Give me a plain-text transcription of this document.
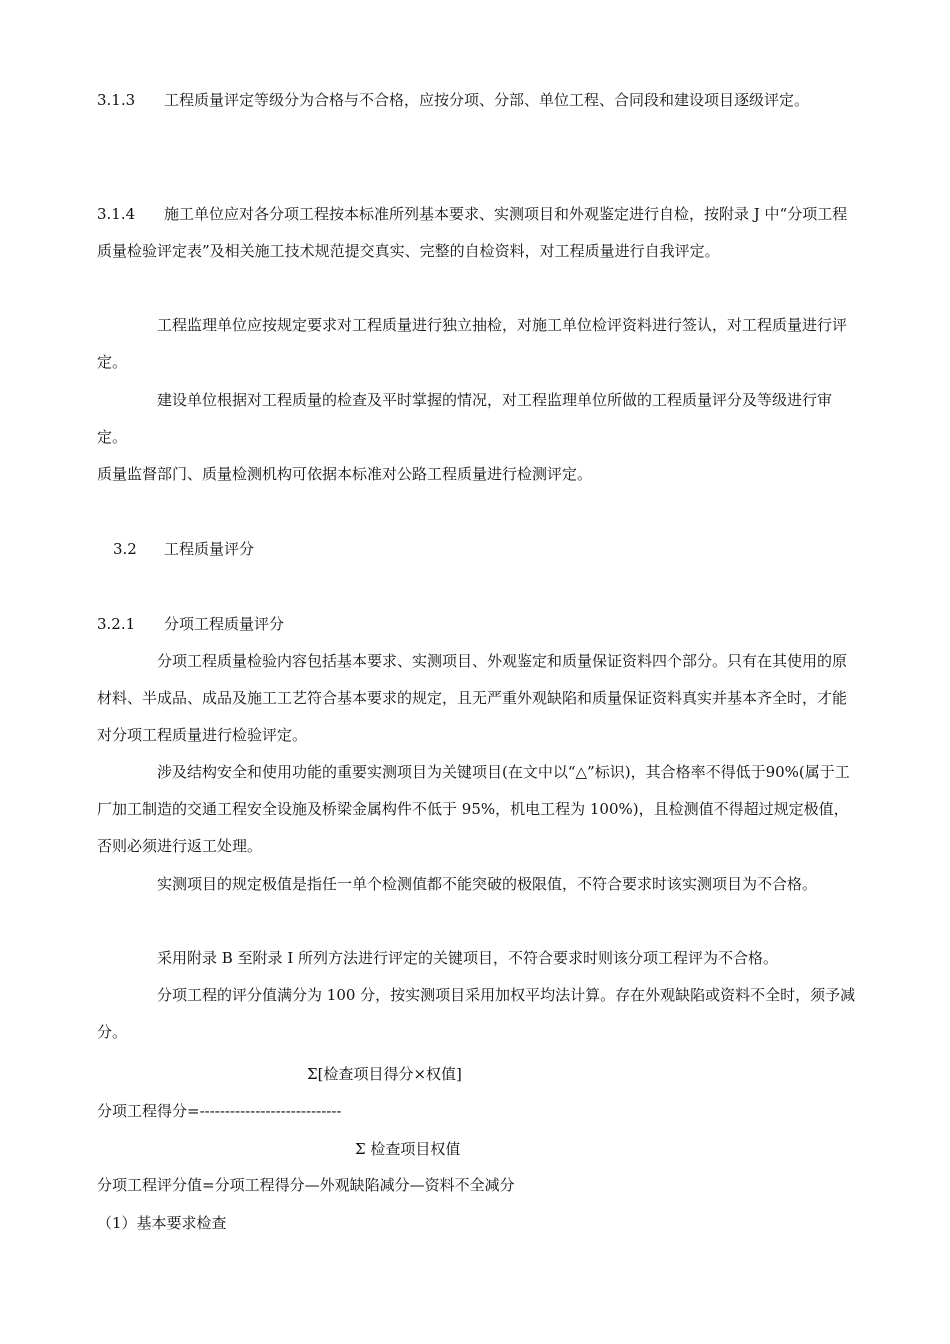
3.1.3 工程质量评定等级分为合格与不合格，应按分项、分部、单位工程、合同段和建设项目逐级评定。

3.1.4 施工单位应对各分项工程按本标准所列基本要求、实测项目和外观鉴定进行自检，按附录 J 中“分项工程质量检验评定表”及相关施工技术规范提交真实、完整的自检资料，对工程质量进行自我评定。

工程监理单位应按规定要求对工程质量进行独立抽检，对施工单位检评资料进行签认，对工程质量进行评定。

建设单位根据对工程质量的检查及平时掌握的情况，对工程监理单位所做的工程质量评分及等级进行审定。

质量监督部门、质量检测机构可依据本标准对公路工程质量进行检测评定。

3.2 工程质量评分

3.2.1 分项工程质量评分

分项工程质量检验内容包括基本要求、实测项目、外观鉴定和质量保证资料四个部分。只有在其使用的原材料、半成品、成品及施工工艺符合基本要求的规定，且无严重外观缺陷和质量保证资料真实并基本齐全时，才能对分项工程质量进行检验评定。

涉及结构安全和使用功能的重要实测项目为关键项目(在文中以“△”标识)，其合格率不得低于90%(属于工厂加工制造的交通工程安全设施及桥梁金属构件不低于 95%，机电工程为 100%)，且检测值不得超过规定极值，否则必须进行返工处理。

实测项目的规定极值是指任一单个检测值都不能突破的极限值，不符合要求时该实测项目为不合格。

采用附录 B 至附录 I 所列方法进行评定的关键项目，不符合要求时则该分项工程评为不合格。

分项工程的评分值满分为 100 分，按实测项目采用加权平均法计算。存在外观缺陷或资料不全时，须予减分。

Σ[检查项目得分×权值]

分项工程得分=----------------------------

Σ 检查项目权值

分项工程评分值=分项工程得分—外观缺陷减分—资料不全减分

（1）基本要求检查
